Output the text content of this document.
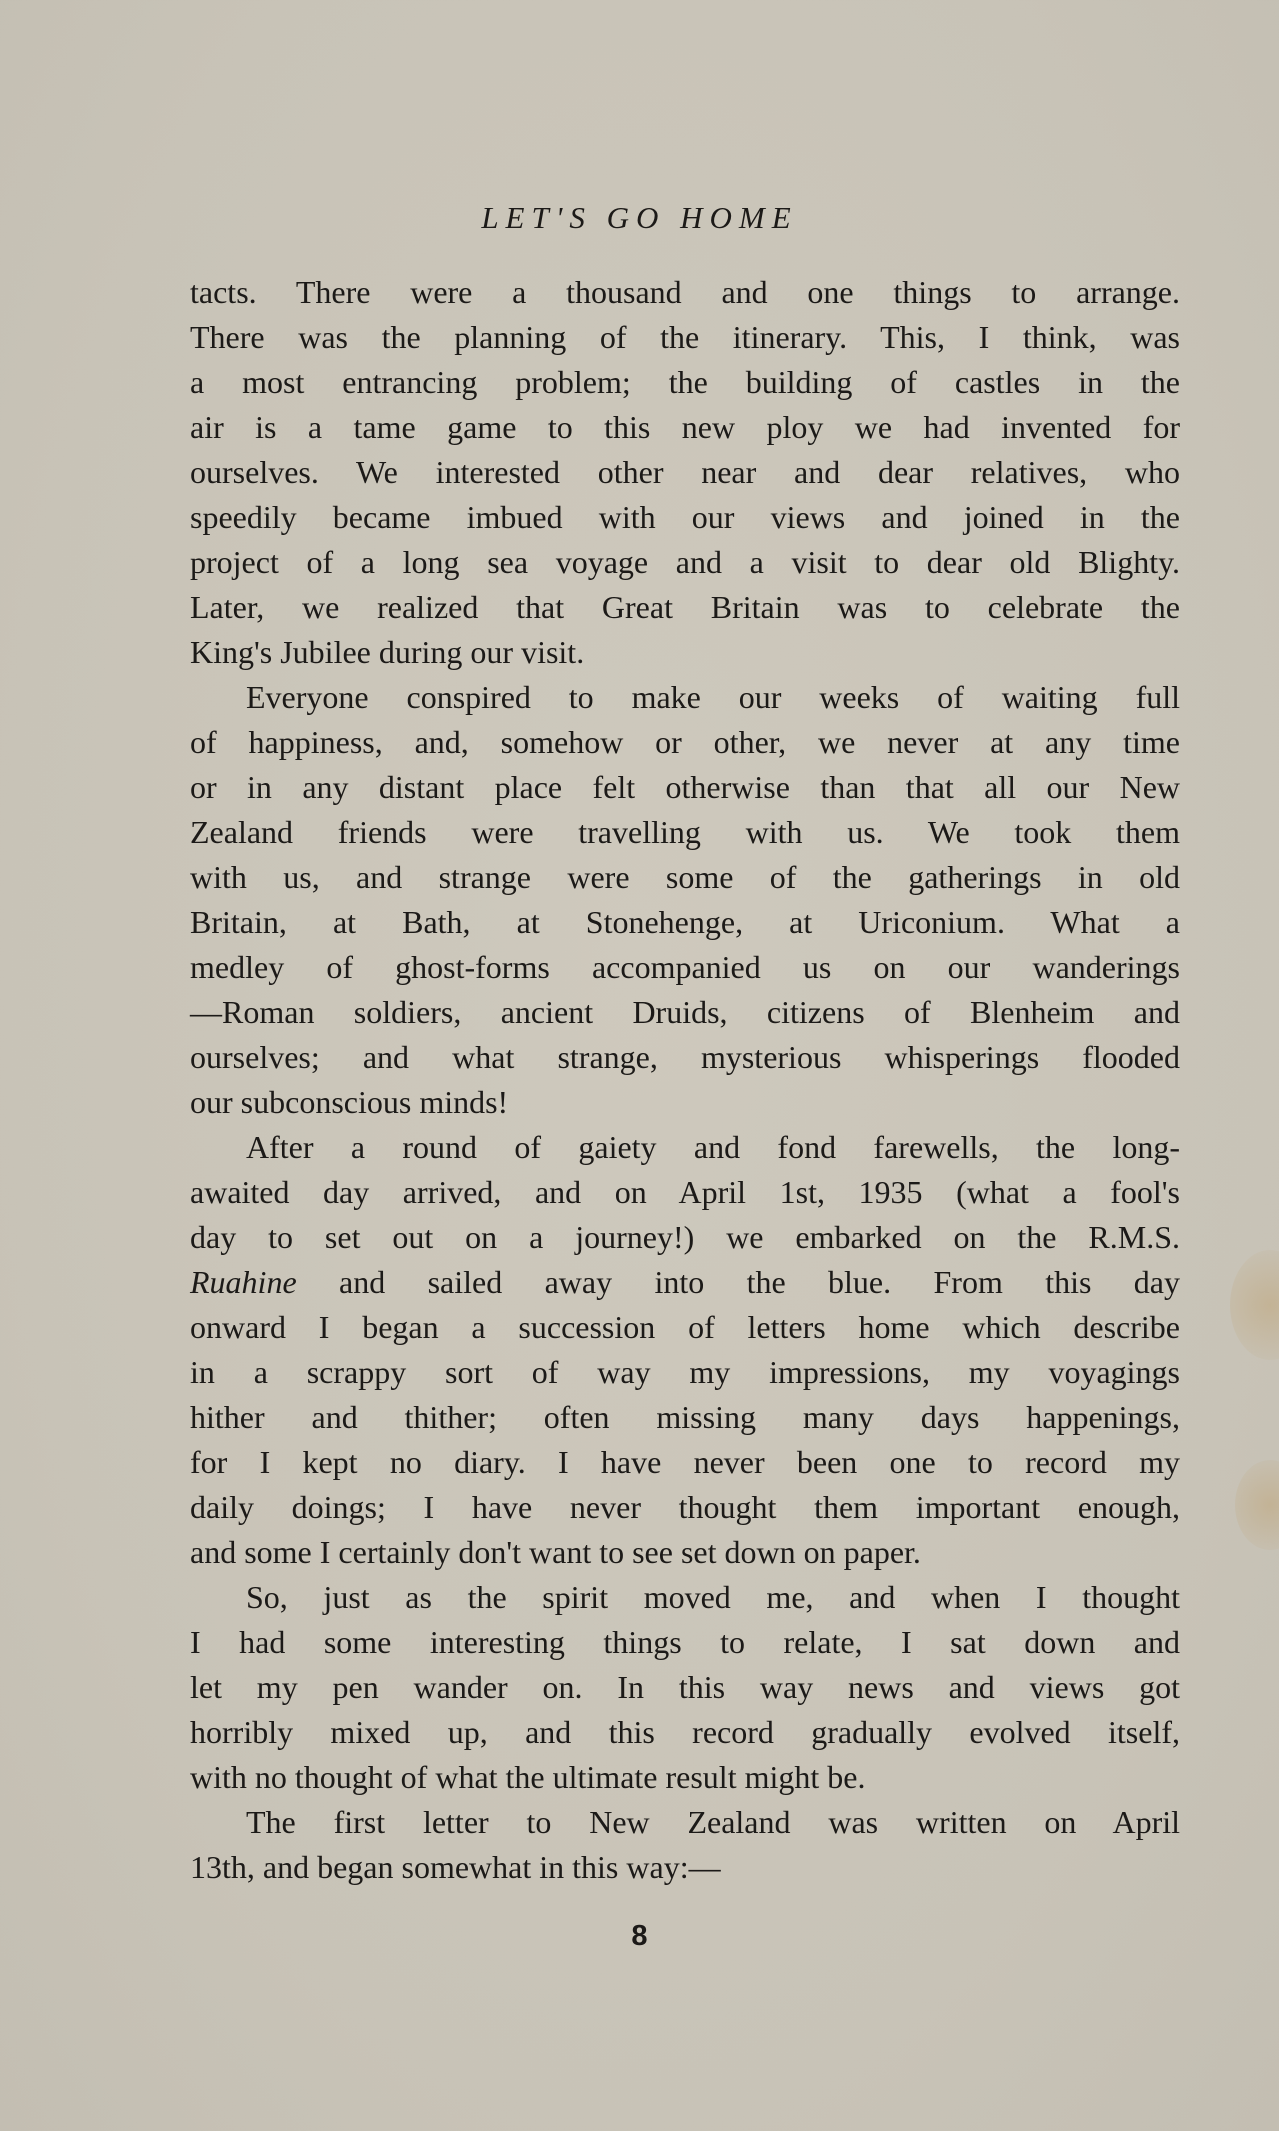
LET'S GO HOME
tacts. There were a thousand and one things to arrange.
There was the planning of the itinerary. This, I think, was
a most entrancing problem; the building of castles in the
air is a tame game to this new ploy we had invented for
ourselves. We interested other near and dear relatives, who
speedily became imbued with our views and joined in the
project of a long sea voyage and a visit to dear old Blighty.
Later, we realized that Great Britain was to celebrate the
King's Jubilee during our visit.
Everyone conspired to make our weeks of waiting full
of happiness, and, somehow or other, we never at any time
or in any distant place felt otherwise than that all our New
Zealand friends were travelling with us. We took them
with us, and strange were some of the gatherings in old
Britain, at Bath, at Stonehenge, at Uriconium. What a
medley of ghost-forms accompanied us on our wanderings
—Roman soldiers, ancient Druids, citizens of Blenheim and
ourselves; and what strange, mysterious whisperings flooded
our subconscious minds!
After a round of gaiety and fond farewells, the long-
awaited day arrived, and on April 1st, 1935 (what a fool's
day to set out on a journey!) we embarked on the R.M.S.
Ruahine and sailed away into the blue. From this day
onward I began a succession of letters home which describe
in a scrappy sort of way my impressions, my voyagings
hither and thither; often missing many days happenings,
for I kept no diary. I have never been one to record my
daily doings; I have never thought them important enough,
and some I certainly don't want to see set down on paper.
So, just as the spirit moved me, and when I thought
I had some interesting things to relate, I sat down and
let my pen wander on. In this way news and views got
horribly mixed up, and this record gradually evolved itself,
with no thought of what the ultimate result might be.
The first letter to New Zealand was written on April
13th, and began somewhat in this way:—
8
